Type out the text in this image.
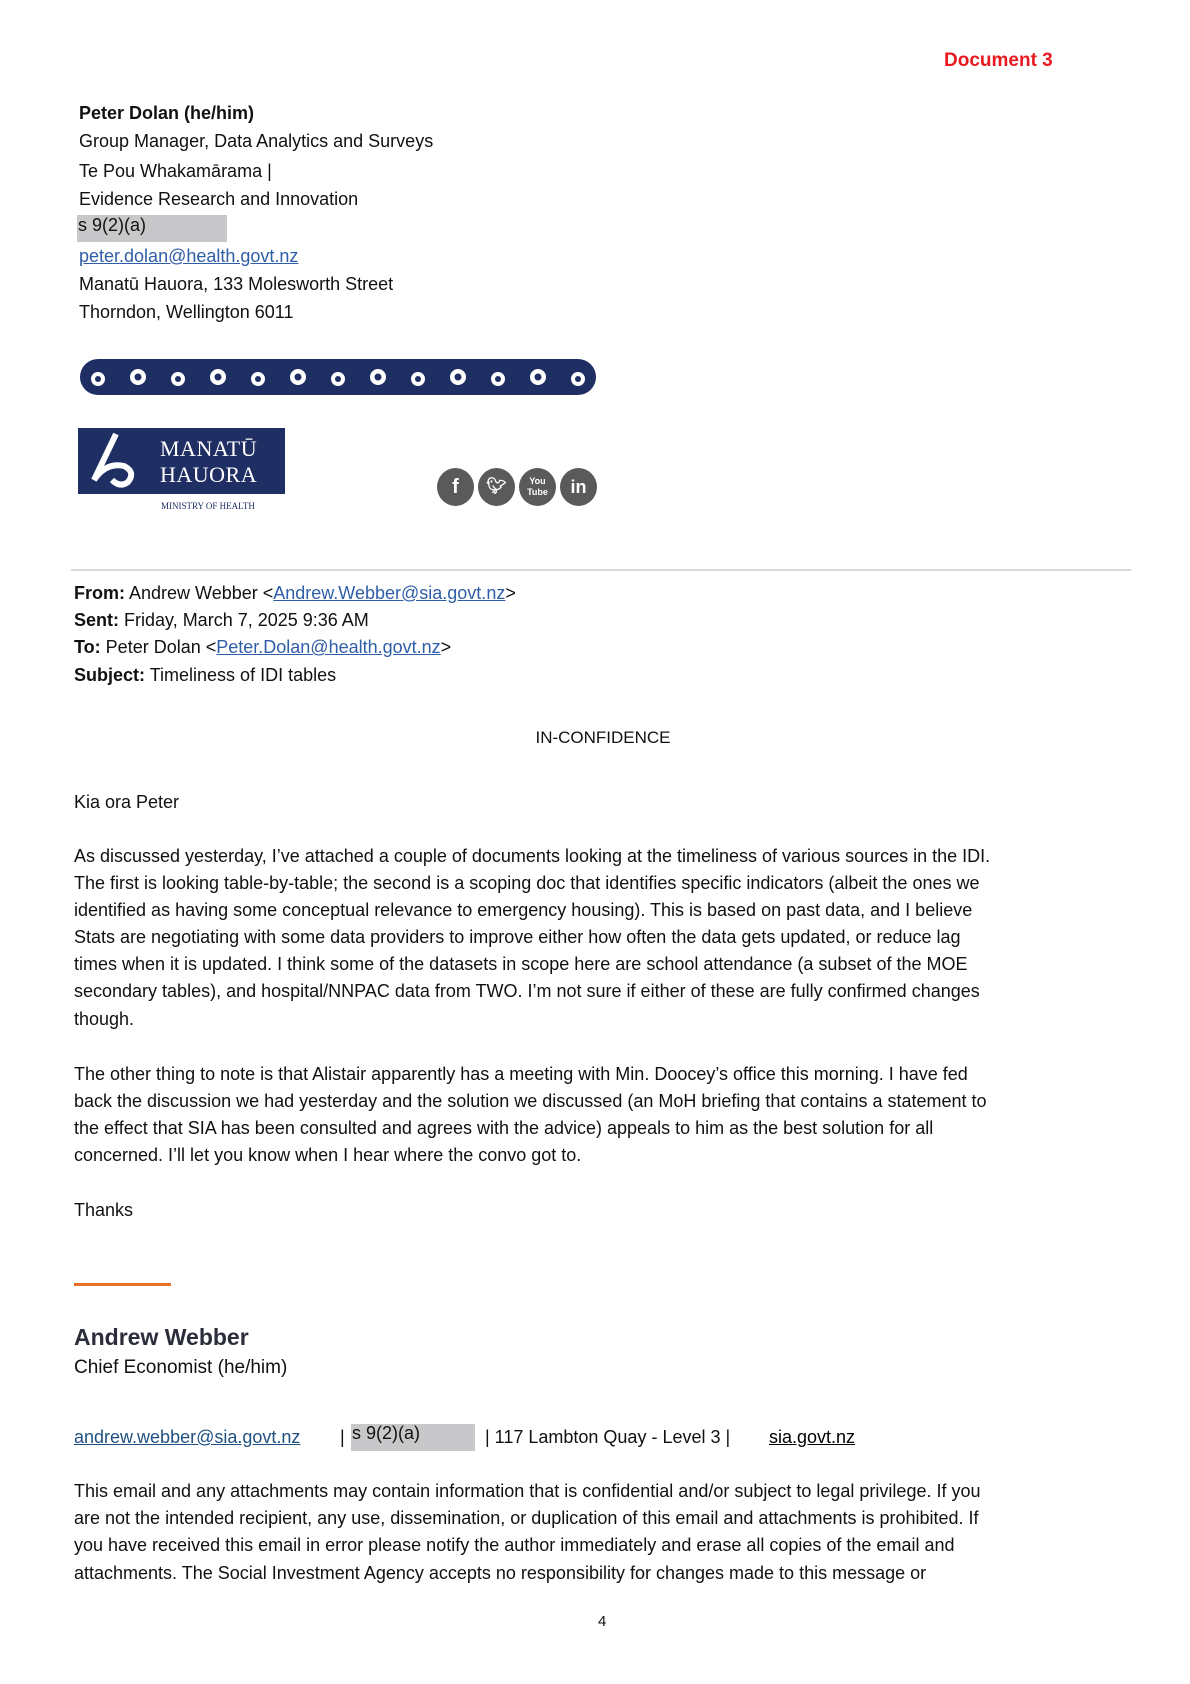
Document 3
Peter Dolan (he/him)
Group Manager, Data Analytics and Surveys
Te Pou Whakamārama |
Evidence Research and Innovation
s 9(2)(a)
peter.dolan@health.govt.nz
Manatū Hauora, 133 Molesworth Street
Thorndon, Wellington 6011
MANATŪ
HAUORA
MINISTRY OF HEALTH
f	🐦︎	You
Tube	in
From: Andrew Webber <Andrew.Webber@sia.govt.nz>
Sent: Friday, March 7, 2025 9:36 AM
To: Peter Dolan <Peter.Dolan@health.govt.nz>
Subject: Timeliness of IDI tables
IN-CONFIDENCE
Kia ora Peter
As discussed yesterday, I’ve attached a couple of documents looking at the timeliness of various sources in the IDI.
The first is looking table-by-table; the second is a scoping doc that identifies specific indicators (albeit the ones we
identified as having some conceptual relevance to emergency housing). This is based on past data, and I believe
Stats are negotiating with some data providers to improve either how often the data gets updated, or reduce lag
times when it is updated. I think some of the datasets in scope here are school attendance (a subset of the MOE
secondary tables), and hospital/NNPAC data from TWO. I’m not sure if either of these are fully confirmed changes
though.
The other thing to note is that Alistair apparently has a meeting with Min. Doocey’s office this morning. I have fed
back the discussion we had yesterday and the solution we discussed (an MoH briefing that contains a statement to
the effect that SIA has been consulted and agrees with the advice) appeals to him as the best solution for all
concerned. I’ll let you know when I hear where the convo got to.
Thanks
Andrew Webber
Chief Economist (he/him)
andrew.webber@sia.govt.nz | s 9(2)(a)	| 117 Lambton Quay - Level 3 | sia.govt.nz
This email and any attachments may contain information that is confidential and/or subject to legal privilege. If you
are not the intended recipient, any use, dissemination, or duplication of this email and attachments is prohibited. If
you have received this email in error please notify the author immediately and erase all copies of the email and
attachments. The Social Investment Agency accepts no responsibility for changes made to this message or
4
